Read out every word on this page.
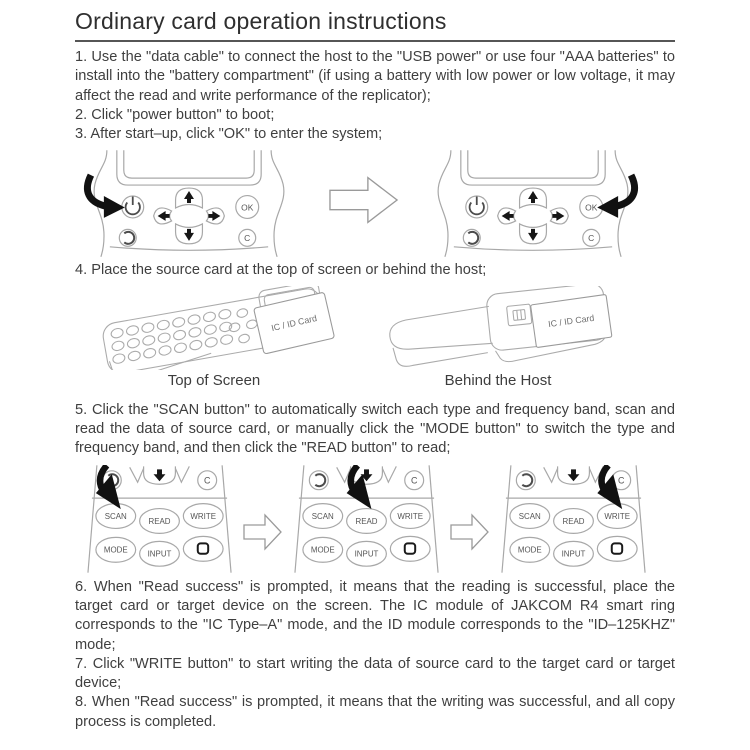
Ordinary card operation instructions

1. Use the "data cable" to connect the host to the "USB power" or use four "AAA batteries" to install into the "battery compartment" (if using a battery with low power or low voltage, it may affect the read and write performance of the replicator);

2. Click "power button" to boot;

3. After start–up, click "OK" to enter the system;

OK
C
OK
C

4. Place the source card at the top of screen or behind the host;

IC / ID Card
Top of Screen
IC / ID Card
Behind the Host

5. Click the "SCAN button" to automatically switch each type and frequency band, scan and read the data of source card, or manually click the "MODE button" to switch the type and frequency band, and then click the "READ button" to read;

C
SCAN
READ
WRITE
MODE INPUT
C
SCAN
READ
WRITE
MODE INPUT
C
SCAN
READ
WRITE
MODE INPUT

6. When "Read success" is prompted, it means that the reading is successful, place the target card or target device on the screen. The IC module of JAKCOM R4 smart ring corresponds to the "IC Type–A" mode, and the ID module corresponds to the "ID–125KHZ" mode;

7. Click "WRITE button" to start writing the data of source card to the target card or target device;

8. When "Read success" is prompted, it means that the writing was successful, and all copy process is completed.
